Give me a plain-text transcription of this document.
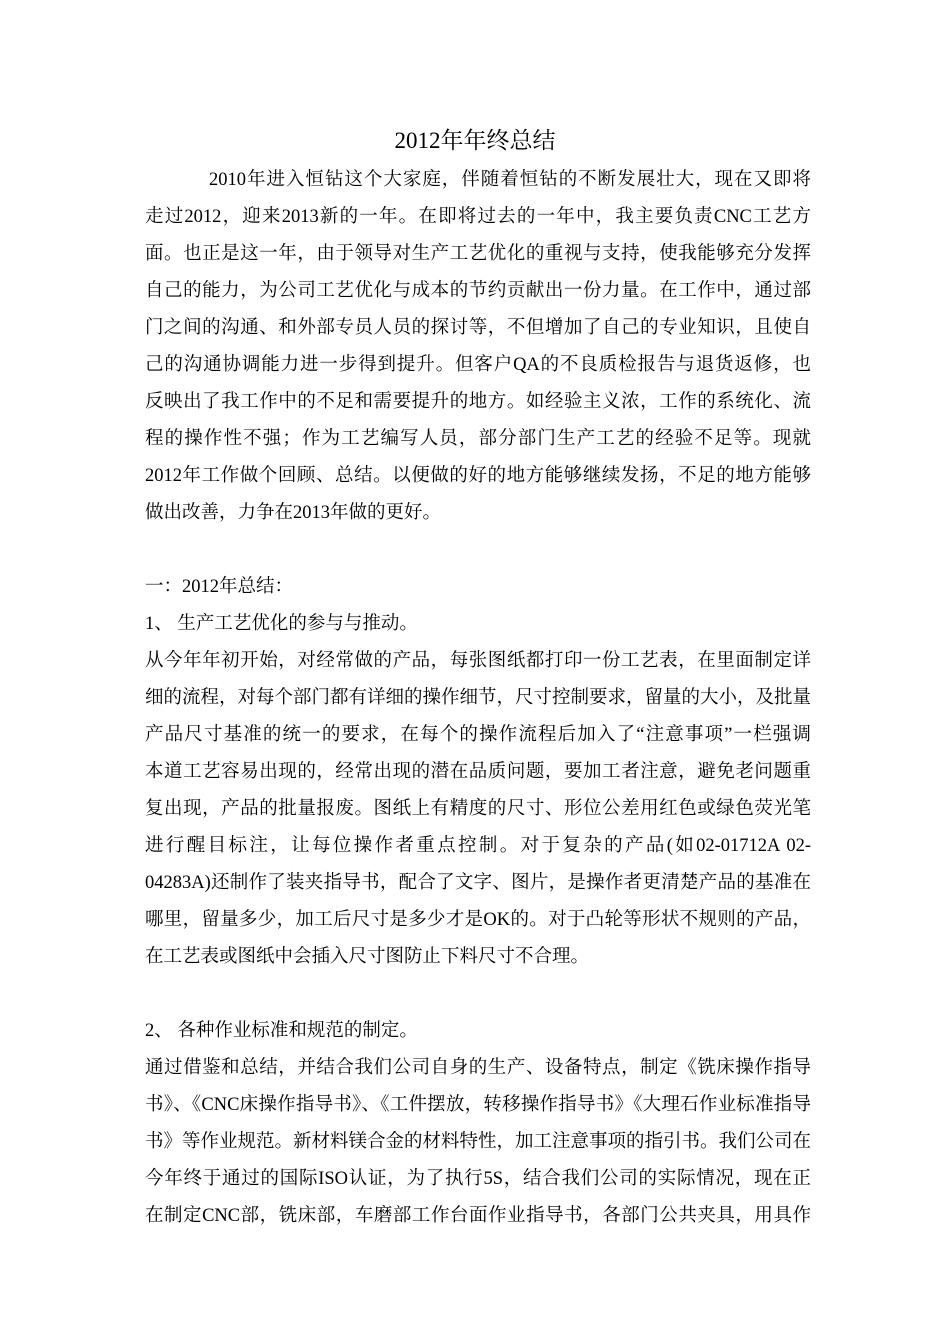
2012年年终总结
2010年进入恒钻这个大家庭，伴随着恒钻的不断发展壮大，现在又即将
走过2012，迎来2013新的一年。在即将过去的一年中，我主要负责CNC工艺方
面。也正是这一年，由于领导对生产工艺优化的重视与支持，使我能够充分发挥
自己的能力，为公司工艺优化与成本的节约贡献出一份力量。在工作中，通过部
门之间的沟通、和外部专员人员的探讨等，不但增加了自己的专业知识，且使自
己的沟通协调能力进一步得到提升。但客户QA的不良质检报告与退货返修，也
反映出了我工作中的不足和需要提升的地方。如经验主义浓，工作的系统化、流
程的操作性不强；作为工艺编写人员，部分部门生产工艺的经验不足等。现就
2012年工作做个回顾、总结。以便做的好的地方能够继续发扬，不足的地方能够
做出改善，力争在2013年做的更好。
一：2012年总结：
1、 生产工艺优化的参与与推动。
从今年年初开始，对经常做的产品，每张图纸都打印一份工艺表，在里面制定详
细的流程，对每个部门都有详细的操作细节，尺寸控制要求，留量的大小，及批量
产品尺寸基准的统一的要求，在每个的操作流程后加入了“注意事项”一栏强调
本道工艺容易出现的，经常出现的潜在品质问题，要加工者注意，避免老问题重
复出现，产品的批量报废。图纸上有精度的尺寸、形位公差用红色或绿色荧光笔
进行醒目标注，让每位操作者重点控制。对于复杂的产品(如02-01712A 02-
04283A)还制作了装夹指导书，配合了文字、图片，是操作者更清楚产品的基准在
哪里，留量多少，加工后尺寸是多少才是OK的。对于凸轮等形状不规则的产品，
在工艺表或图纸中会插入尺寸图防止下料尺寸不合理。
2、 各种作业标准和规范的制定。
通过借鉴和总结，并结合我们公司自身的生产、设备特点，制定《铣床操作指导
书》、《CNC床操作指导书》、《工件摆放，转移操作指导书》《大理石作业标准指导
书》等作业规范。新材料镁合金的材料特性，加工注意事项的指引书。我们公司在
今年终于通过的国际ISO认证，为了执行5S，结合我们公司的实际情况，现在正
在制定CNC部，铣床部，车磨部工作台面作业指导书，各部门公共夹具，用具作
